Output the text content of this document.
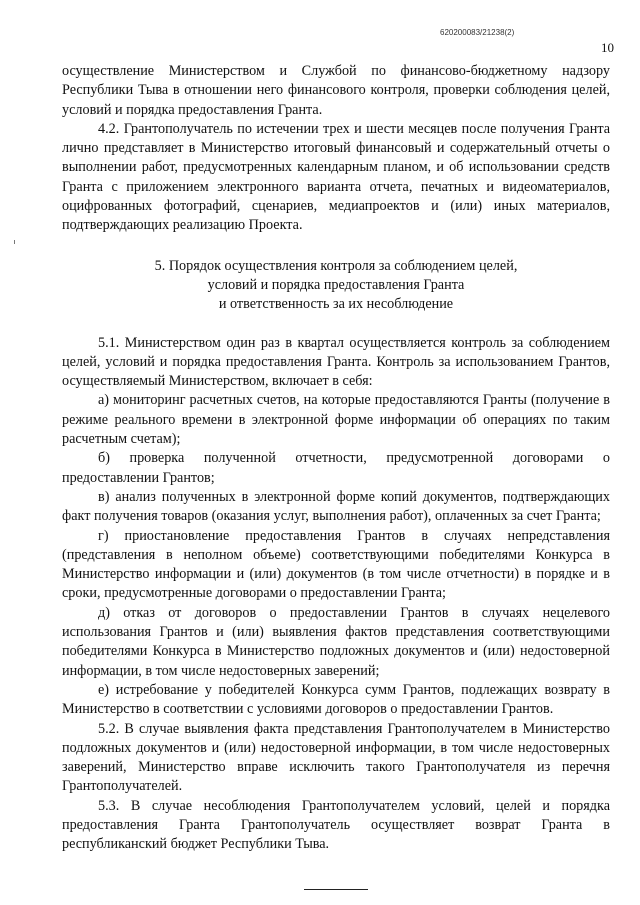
620200083/21238(2)
10

осуществление Министерством и Службой по финансово-бюджетному надзору Республики Тыва в отношении него финансового контроля, проверки соблюдения целей, условий и порядка предоставления Гранта.

4.2. Грантополучатель по истечении трех и шести месяцев после получения Гранта лично представляет в Министерство итоговый финансовый и содержательный отчеты о выполнении работ, предусмотренных календарным планом, и об использовании средств Гранта с приложением электронного варианта отчета, печатных и видеоматериалов, оцифрованных фотографий, сценариев, медиапроектов и (или) иных материалов, подтверждающих реализацию Проекта.

5. Порядок осуществления контроля за соблюдением целей,
условий и порядка предоставления Гранта
и ответственность за их несоблюдение

5.1. Министерством один раз в квартал осуществляется контроль за соблюдением целей, условий и порядка предоставления Гранта. Контроль за использованием Грантов, осуществляемый Министерством, включает в себя:

а) мониторинг расчетных счетов, на которые предоставляются Гранты (получение в режиме реального времени в электронной форме информации об операциях по таким расчетным счетам);

б) проверка полученной отчетности, предусмотренной договорами о предоставлении Грантов;

в) анализ полученных в электронной форме копий документов, подтверждающих факт получения товаров (оказания услуг, выполнения работ), оплаченных за счет Гранта;

г) приостановление предоставления Грантов в случаях непредставления (представления в неполном объеме) соответствующими победителями Конкурса в Министерство информации и (или) документов (в том числе отчетности) в порядке и в сроки, предусмотренные договорами о предоставлении Гранта;

д) отказ от договоров о предоставлении Грантов в случаях нецелевого использования Грантов и (или) выявления фактов представления соответствующими победителями Конкурса в Министерство подложных документов и (или) недостоверной информации, в том числе недостоверных заверений;

е) истребование у победителей Конкурса сумм Грантов, подлежащих возврату в Министерство в соответствии с условиями договоров о предоставлении Грантов.

5.2. В случае выявления факта представления Грантополучателем в Министерство подложных документов и (или) недостоверной информации, в том числе недостоверных заверений, Министерство вправе исключить такого Грантополучателя из перечня Грантополучателей.

5.3. В случае несоблюдения Грантополучателем условий, целей и порядка предоставления Гранта Грантополучатель осуществляет возврат Гранта в республиканский бюджет Республики Тыва.
